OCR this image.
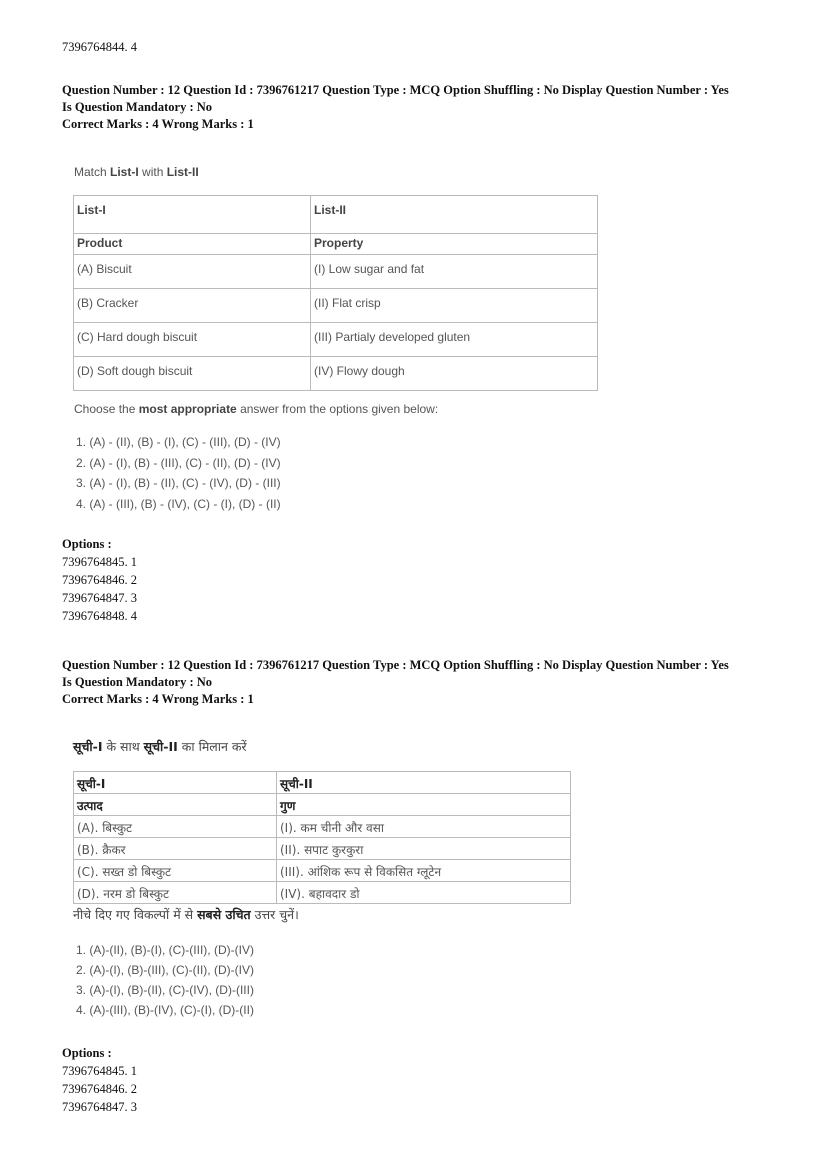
7396764844. 4
Question Number : 12 Question Id : 7396761217 Question Type : MCQ Option Shuffling : No Display Question Number : Yes
Is Question Mandatory : No
Correct Marks : 4 Wrong Marks : 1
Match List-I with List-II
List-I	List-II
Product	Property
(A) Biscuit	(I) Low sugar and fat
(B) Cracker	(II) Flat crisp
(C) Hard dough biscuit	(III) Partialy developed gluten
(D) Soft dough biscuit	(IV) Flowy dough
Choose the most appropriate answer from the options given below:
1. (A) - (II), (B) - (I), (C) - (III), (D) - (IV)
2. (A) - (I), (B) - (III), (C) - (II), (D) - (IV)
3. (A) - (I), (B) - (II), (C) - (IV), (D) - (III)
4. (A) - (III), (B) - (IV), (C) - (I), (D) - (II)
Options :
7396764845. 1
7396764846. 2
7396764847. 3
7396764848. 4
Question Number : 12 Question Id : 7396761217 Question Type : MCQ Option Shuffling : No Display Question Number : Yes
Is Question Mandatory : No
Correct Marks : 4 Wrong Marks : 1
सूची-I के साथ सूची-II का मिलान करें
सूची-I	सूची-II
उत्पाद	गुण
(A). बिस्कुट	(I). कम चीनी और वसा
(B). क्रैकर	(II). सपाट कुरकुरा
(C). सख्त डो बिस्कुट	(III). आंशिक रूप से विकसित ग्लूटेन
(D). नरम डो बिस्कुट	(IV). बहावदार डो
नीचे दिए गए विकल्पों में से सबसे उचित उत्तर चुनें।
1. (A)-(II), (B)-(I), (C)-(III), (D)-(IV)
2. (A)-(I), (B)-(III), (C)-(II), (D)-(IV)
3. (A)-(I), (B)-(II), (C)-(IV), (D)-(III)
4. (A)-(III), (B)-(IV), (C)-(I), (D)-(II)
Options :
7396764845. 1
7396764846. 2
7396764847. 3
